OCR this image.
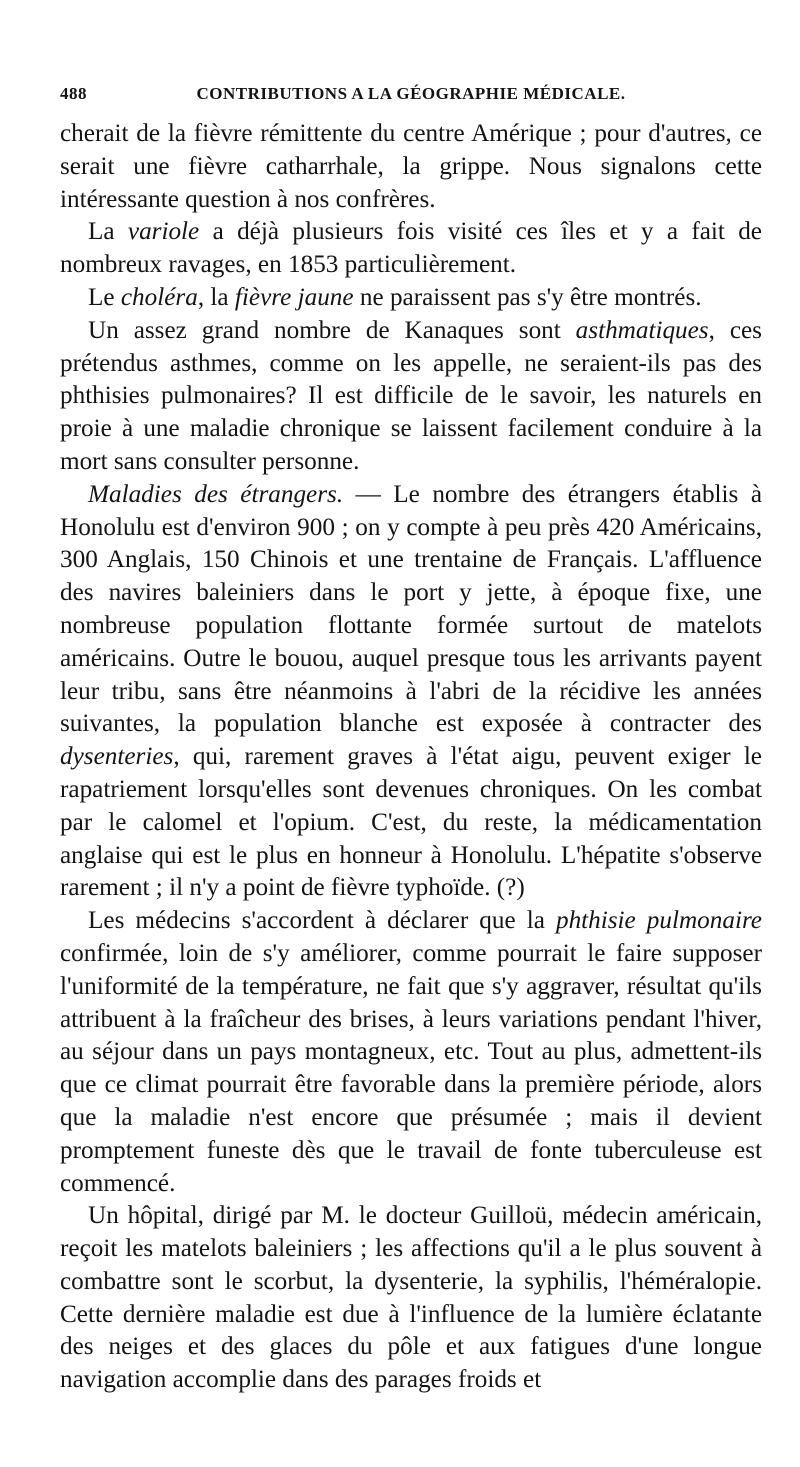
488	CONTRIBUTIONS A LA GÉOGRAPHIE MÉDICALE.

cherait de la fièvre rémittente du centre Amérique ; pour d'autres, ce serait une fièvre catharrhale, la grippe. Nous signalons cette intéressante question à nos confrères.

La variole a déjà plusieurs fois visité ces îles et y a fait de nombreux ravages, en 1853 particulièrement.

Le choléra, la fièvre jaune ne paraissent pas s'y être montrés.

Un assez grand nombre de Kanaques sont asthmatiques, ces prétendus asthmes, comme on les appelle, ne seraient-ils pas des phthisies pulmonaires? Il est difficile de le savoir, les naturels en proie à une maladie chronique se laissent facilement conduire à la mort sans consulter personne.

Maladies des étrangers. — Le nombre des étrangers établis à Honolulu est d'environ 900 ; on y compte à peu près 420 Américains, 300 Anglais, 150 Chinois et une trentaine de Français. L'affluence des navires baleiniers dans le port y jette, à époque fixe, une nombreuse population flottante formée surtout de matelots américains. Outre le bouou, auquel presque tous les arrivants payent leur tribu, sans être néanmoins à l'abri de la récidive les années suivantes, la population blanche est exposée à contracter des dysenteries, qui, rarement graves à l'état aigu, peuvent exiger le rapatriement lorsqu'elles sont devenues chroniques. On les combat par le calomel et l'opium. C'est, du reste, la médicamentation anglaise qui est le plus en honneur à Honolulu. L'hépatite s'observe rarement ; il n'y a point de fièvre typhoïde. (?)

Les médecins s'accordent à déclarer que la phthisie pulmonaire confirmée, loin de s'y améliorer, comme pourrait le faire supposer l'uniformité de la température, ne fait que s'y aggraver, résultat qu'ils attribuent à la fraîcheur des brises, à leurs variations pendant l'hiver, au séjour dans un pays montagneux, etc. Tout au plus, admettent-ils que ce climat pourrait être favorable dans la première période, alors que la maladie n'est encore que présumée ; mais il devient promptement funeste dès que le travail de fonte tuberculeuse est commencé.

Un hôpital, dirigé par M. le docteur Guilloü, médecin américain, reçoit les matelots baleiniers ; les affections qu'il a le plus souvent à combattre sont le scorbut, la dysenterie, la syphilis, l'héméralopie. Cette dernière maladie est due à l'influence de la lumière éclatante des neiges et des glaces du pôle et aux fatigues d'une longue navigation accomplie dans des parages froids et
